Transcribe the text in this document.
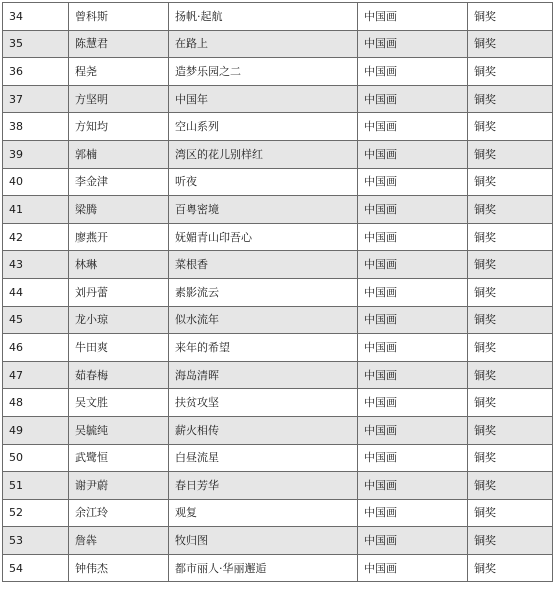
34	曾科斯	扬帆·起航	中国画	铜奖
35	陈慧君	在路上	中国画	铜奖
36	程尧	造梦乐园之二	中国画	铜奖
37	方坚明	中国年	中国画	铜奖
38	方知均	空山系列	中国画	铜奖
39	郭楠	湾区的花儿别样红	中国画	铜奖
40	李金津	听夜	中国画	铜奖
41	梁腾	百粤密境	中国画	铜奖
42	廖燕开	妩媚青山印吾心	中国画	铜奖
43	林琳	菜根香	中国画	铜奖
44	刘丹蕾	素影流云	中国画	铜奖
45	龙小琼	似水流年	中国画	铜奖
46	牛田爽	来年的希望	中国画	铜奖
47	茹春梅	海岛清晖	中国画	铜奖
48	吴文胜	扶贫攻坚	中国画	铜奖
49	吴毓纯	薪火相传	中国画	铜奖
50	武鹭恒	白昼流星	中国画	铜奖
51	谢尹蔚	春日芳华	中国画	铜奖
52	余江玲	观复	中国画	铜奖
53	詹犇	牧归图	中国画	铜奖
54	钟伟杰	都市丽人·华丽邂逅	中国画	铜奖
